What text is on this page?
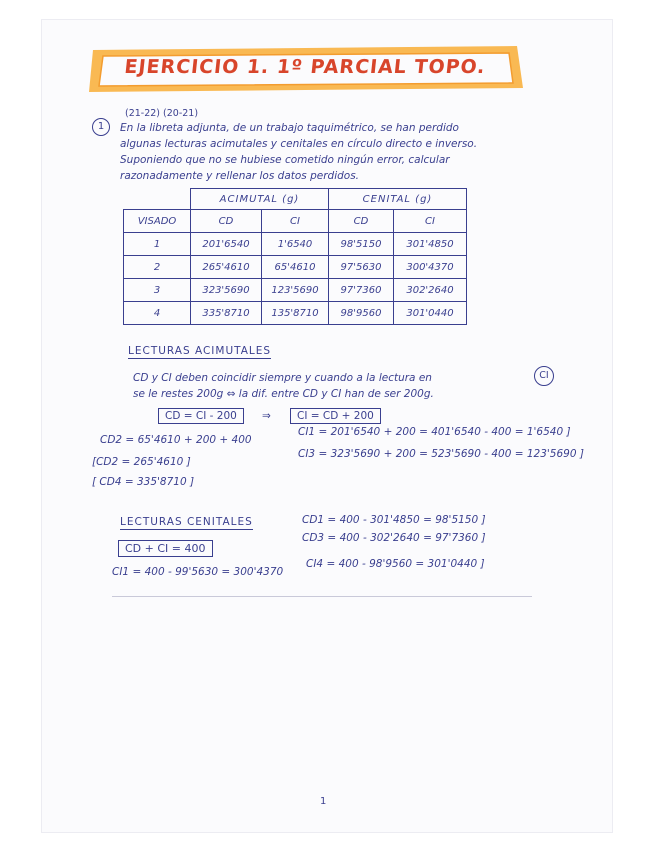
EJERCICIO 1. 1º PARCIAL TOPO.
1
(21-22) (20-21)
En la libreta adjunta, de un trabajo taquimétrico, se han perdido
algunas lecturas acimutales y cenitales en círculo directo e inverso.
Suponiendo que no se hubiese cometido ningún error, calcular
razonadamente y rellenar los datos perdidos.
	ACIMUTAL (g)		CENITAL (g)	
VISADO	CD	CI	CD	CI
1	201'6540	1'6540	98'5150	301'4850
2	265'4610	65'4610	97'5630	300'4370
3	323'5690	123'5690	97'7360	302'2640
4	335'8710	135'8710	98'9560	301'0440
LECTURAS ACIMUTALES
CD y CI deben coincidir siempre y cuando a la lectura en	CI
se le restes 200g ⇔ la dif. entre CD y CI han de ser 200g.
CD = CI - 200	⇒	CI = CD + 200
CD2 = 65'4610 + 200 + 400
[CD2 = 265'4610 ]
[ CD4 = 335'8710 ]
CI1 = 201'6540 + 200 = 401'6540 - 400 = 1'6540 ]
CI3 = 323'5690 + 200 = 523'5690 - 400 = 123'5690 ]
LECTURAS CENITALES
CD + CI = 400
CD1 = 400 - 301'4850 = 98'5150 ]
CD3 = 400 - 302'2640 = 97'7360 ]
CI1 = 400 - 99'5630 = 300'4370
CI4 = 400 - 98'9560 = 301'0440 ]
1
